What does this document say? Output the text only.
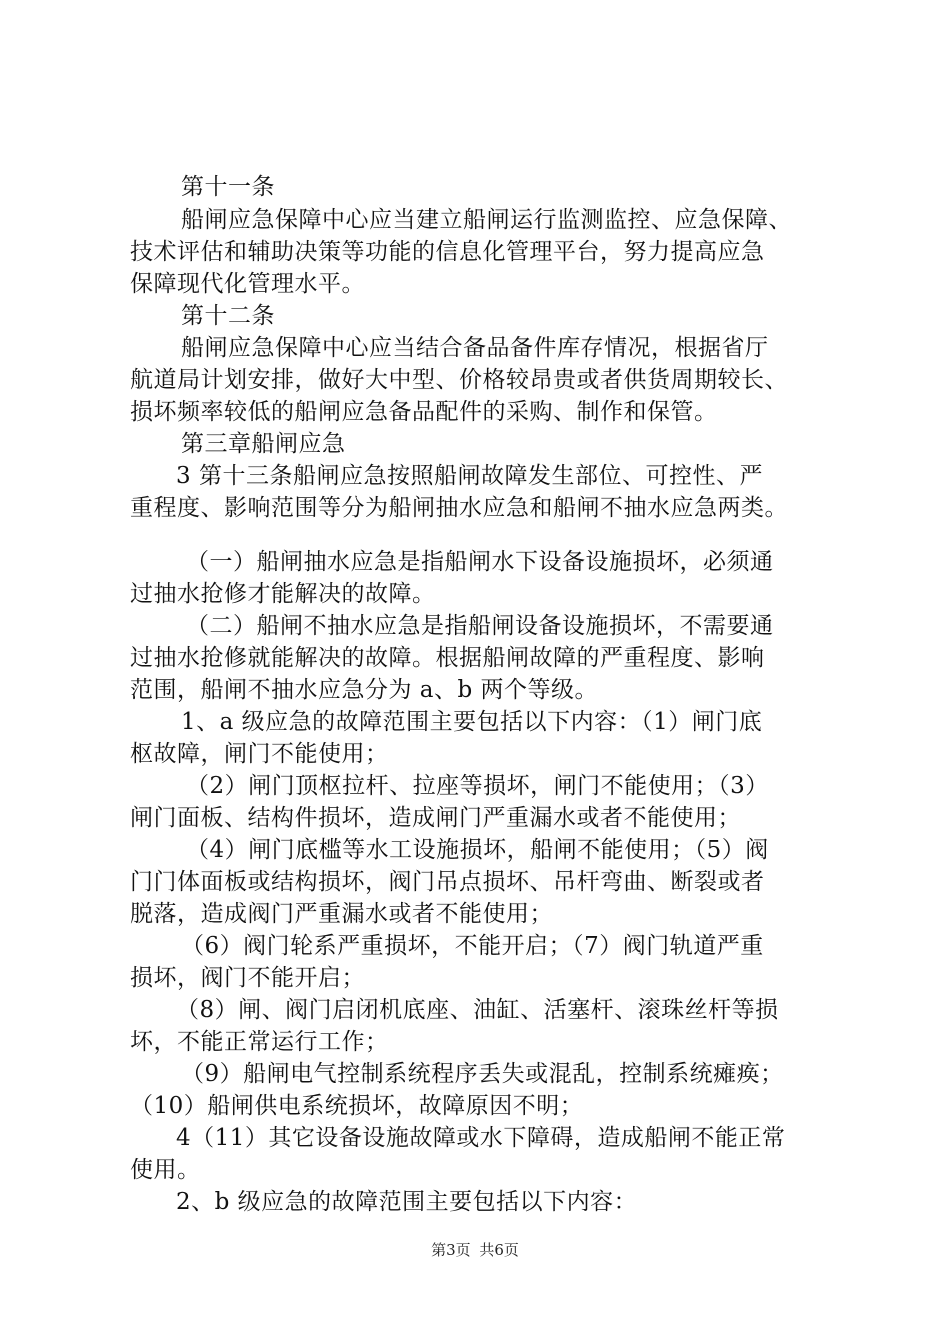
第十一条
船闸应急保障中心应当建立船闸运行监测监控、应急保障、
技术评估和辅助决策等功能的信息化管理平台，努力提高应急
保障现代化管理水平。
第十二条
船闸应急保障中心应当结合备品备件库存情况，根据省厅
航道局计划安排，做好大中型、价格较昂贵或者供货周期较长、
损坏频率较低的船闸应急备品配件的采购、制作和保管。
第三章船闸应急
3 第十三条船闸应急按照船闸故障发生部位、可控性、严
重程度、影响范围等分为船闸抽水应急和船闸不抽水应急两类。
（一）船闸抽水应急是指船闸水下设备设施损坏，必须通
过抽水抢修才能解决的故障。
（二）船闸不抽水应急是指船闸设备设施损坏，不需要通
过抽水抢修就能解决的故障。根据船闸故障的严重程度、影响
范围，船闸不抽水应急分为 a、b 两个等级。
1、a 级应急的故障范围主要包括以下内容：（1）闸门底
枢故障，闸门不能使用；
（2）闸门顶枢拉杆、拉座等损坏，闸门不能使用；（3）
闸门面板、结构件损坏，造成闸门严重漏水或者不能使用；
（4）闸门底槛等水工设施损坏，船闸不能使用；（5）阀
门门体面板或结构损坏，阀门吊点损坏、吊杆弯曲、断裂或者
脱落，造成阀门严重漏水或者不能使用；
（6）阀门轮系严重损坏，不能开启；（7）阀门轨道严重
损坏，阀门不能开启；
（8）闸、阀门启闭机底座、油缸、活塞杆、滚珠丝杆等损
坏，不能正常运行工作；
（9）船闸电气控制系统程序丢失或混乱，控制系统瘫痪；
（10）船闸供电系统损坏，故障原因不明；
4（11）其它设备设施故障或水下障碍，造成船闸不能正常
使用。
2、b 级应急的故障范围主要包括以下内容：
第3页 共6页
